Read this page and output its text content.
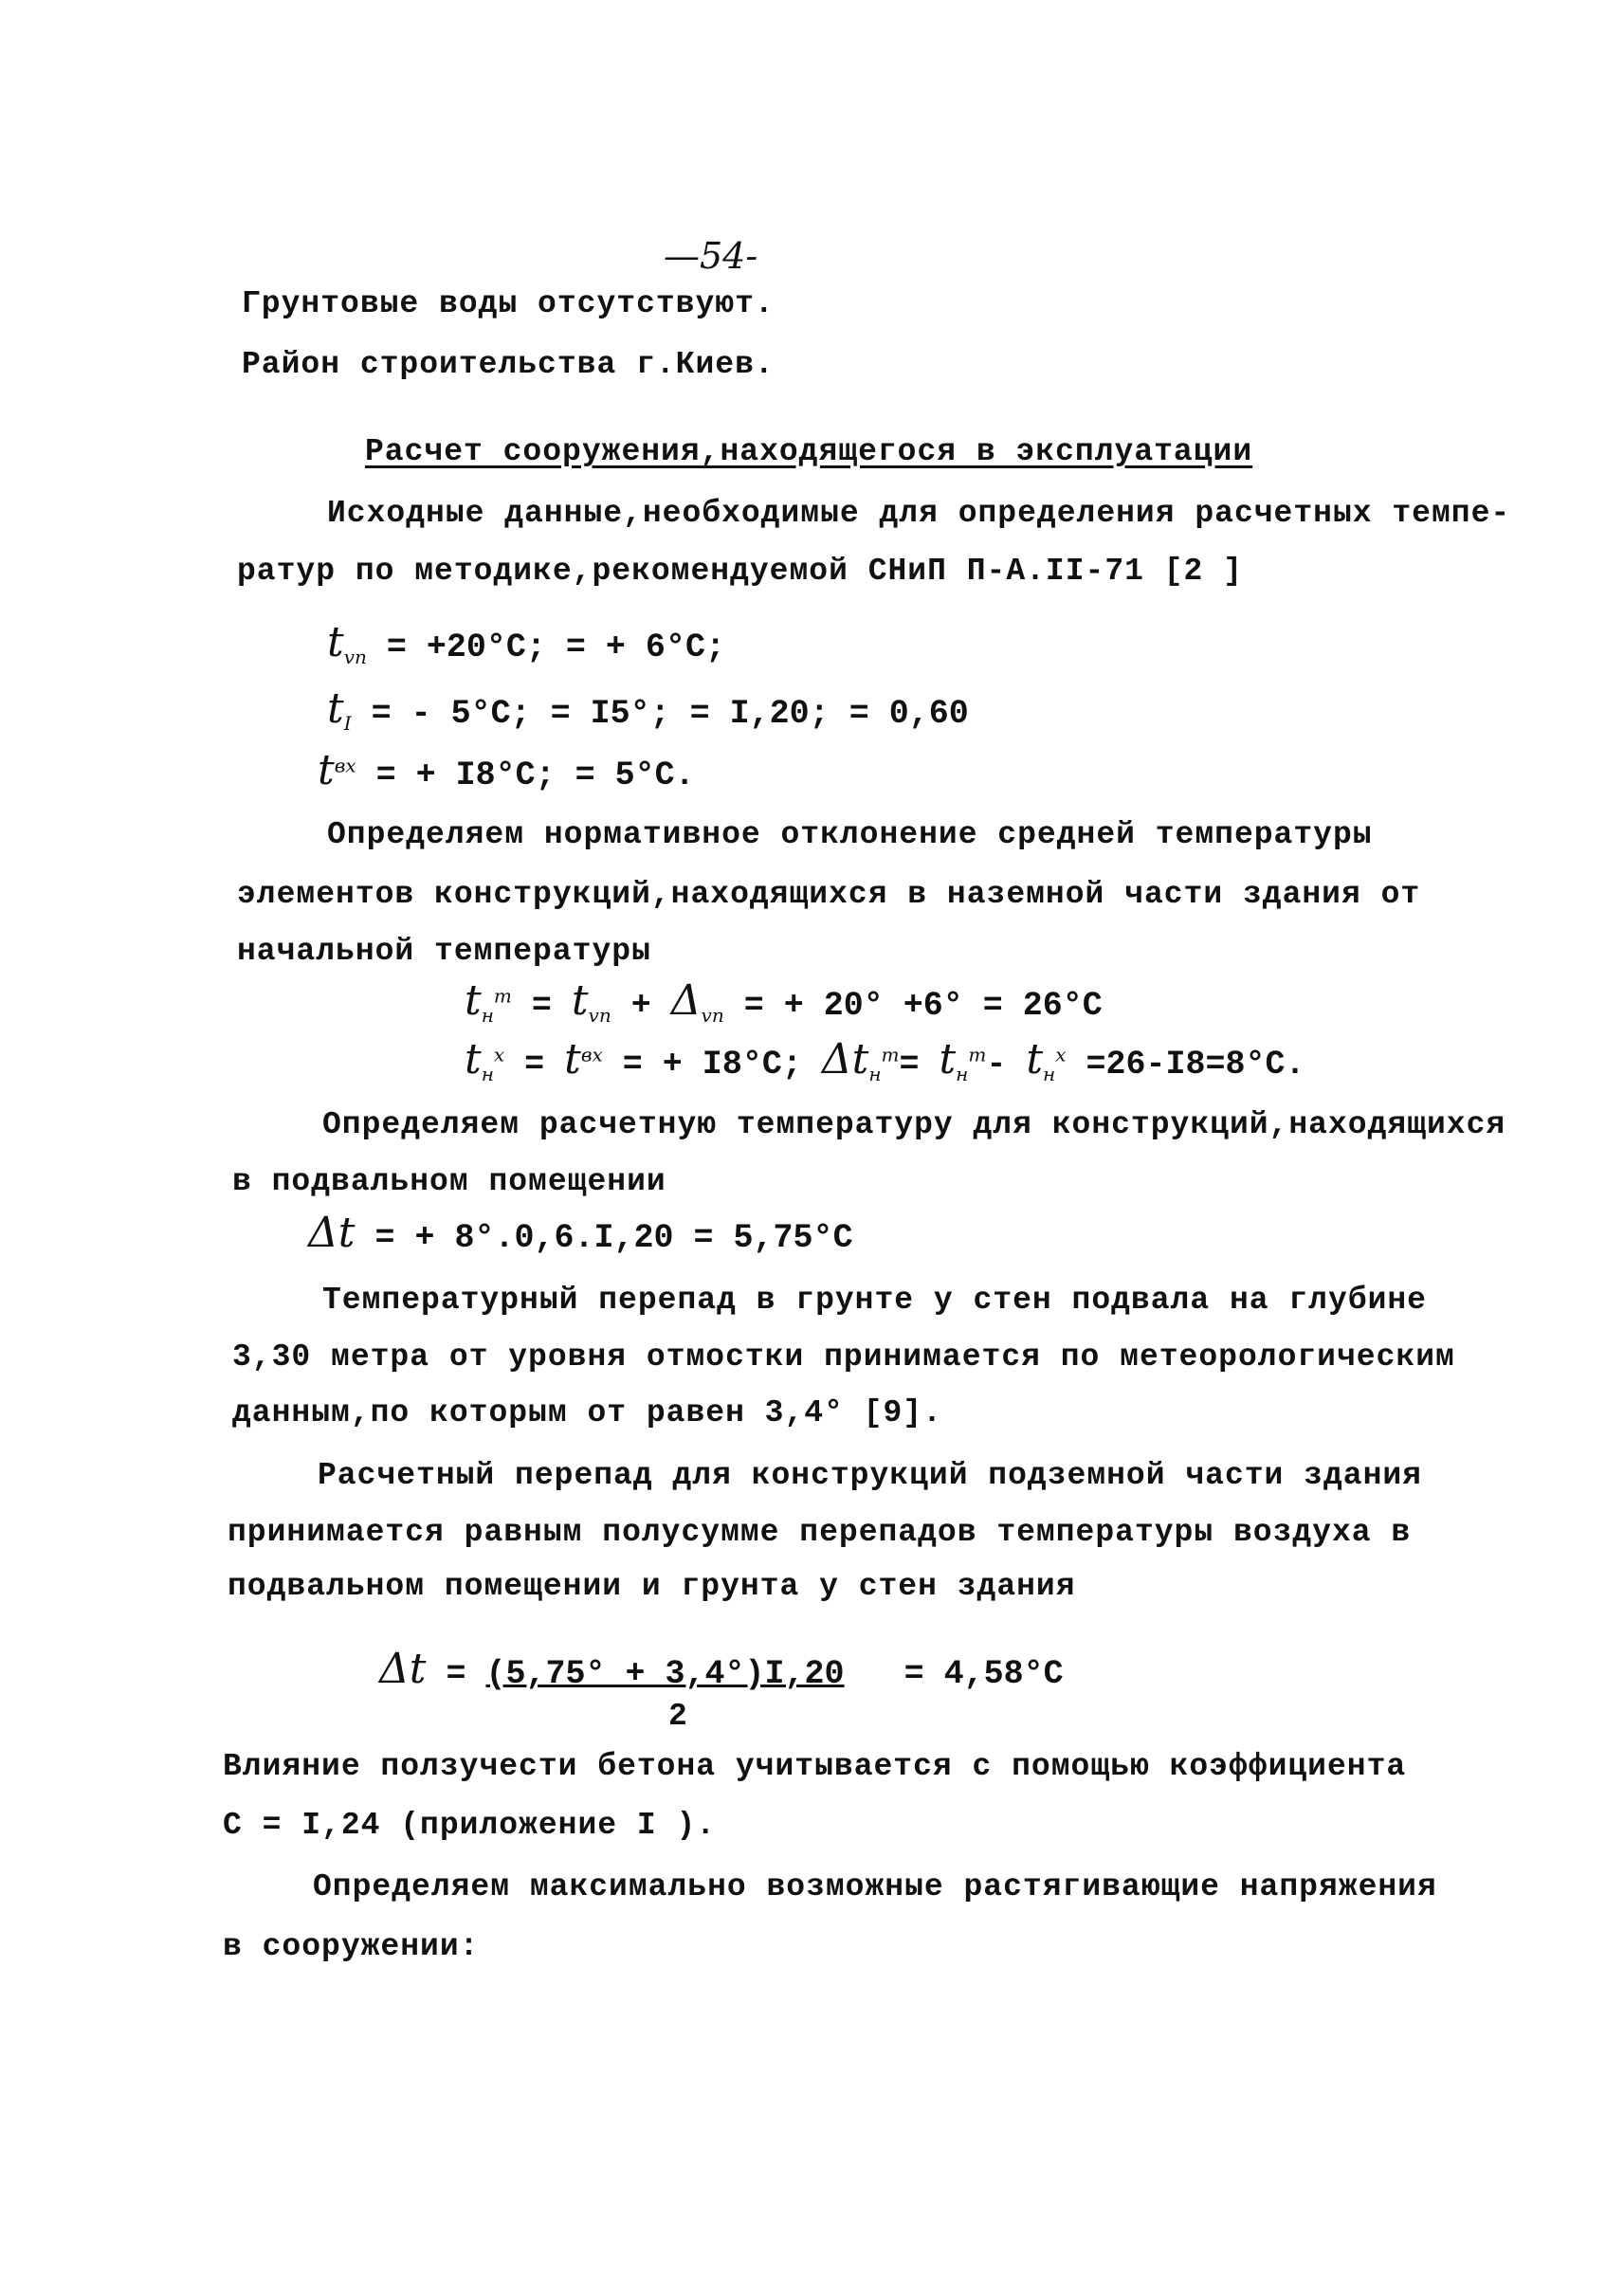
—54-
Грунтовые воды отсутствуют.
Район строительства г.Киев.
Расчет сооружения,находящегося в эксплуатации
Исходные данные,необходимые для определения расчетных темпе-
ратур по методике,рекомендуемой СНиП П-А.II-71 [2 ]
$t_{vn} = +20^\circ С$; = + 6°С;
$t_I$ = - 5°С; = I5°; = I,20; = 0,60
$t^{вх}$ = + I8°С; = 5°С.
Определяем нормативное отклонение средней температуры
элементов конструкций,находящихся в наземной части здания от
начальной температуры
$t_н^т = t_{vn} + \Delta_{vn}$ = + 20° +6° = 26°С
$t_н^х = t^{вх}$ = + I8°С; $\Delta t_н^т= t_н^т-$ $t_н^х =26-I8=8^\circ С$.
Определяем расчетную температуру для конструкций,находящихся
в подвальном помещении
Δt = + 8°.0,6.I,20 = 5,75°С
Температурный перепад в грунте у стен подвала на глубине
3,30 метра от уровня отмостки принимается по метеорологическим
данным,по которым от равен 3,4° [9].
Расчетный перепад для конструкций подземной части здания
принимается равным полусумме перепадов температуры воздуха в
подвальном помещении и грунта у стен здания
Δt = (5,75° + 3,4°)I,20 = 4,58°С
2
Влияние ползучести бетона учитывается с помощью коэффициента
С = I,24 (приложение I ).
Определяем максимально возможные растягивающие напряжения
в сооружении:
